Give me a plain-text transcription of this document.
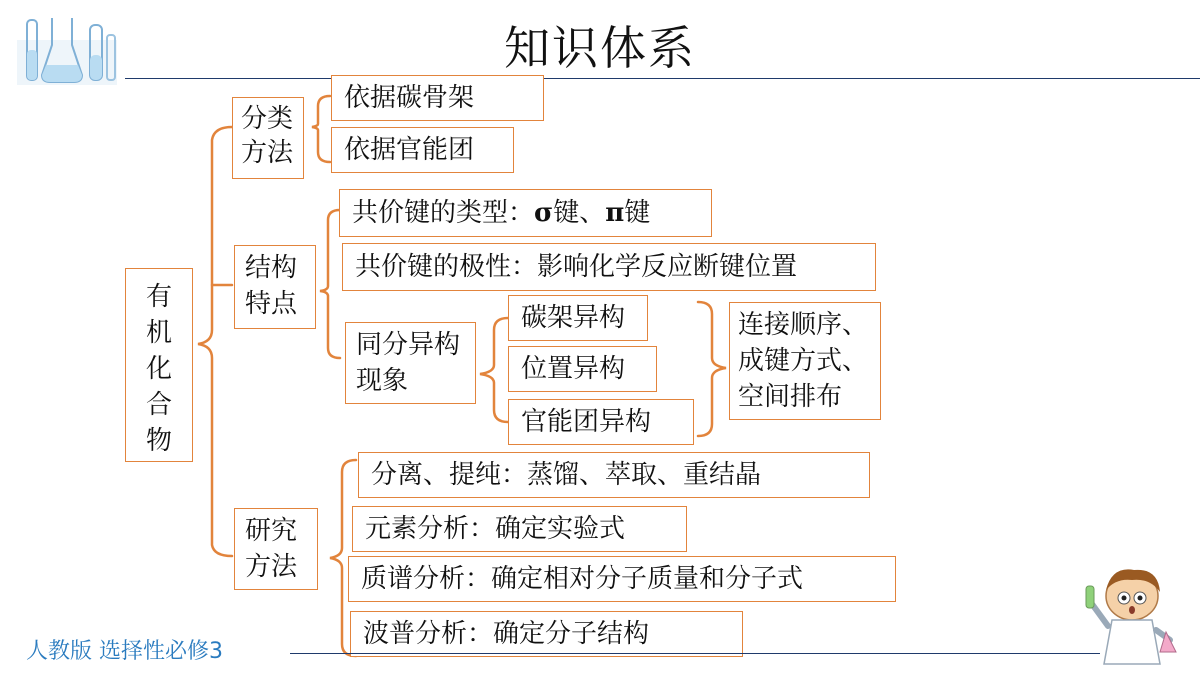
知识体系
有
机
化
合
物
分类方法
依据碳骨架
依据官能团
结构特点
共价键的类型： σ 键、 π 键
共价键的极性：影响化学反应断键位置
同分异构现象
碳架异构
位置异构
官能团异构
连接顺序、
成键方式、
空间排布
研究方法
分离、提纯：蒸馏、萃取、重结晶
元素分析：确定实验式
质谱分析：确定相对分子质量和分子式
波普分析：确定分子结构
人教版 选择性必修3
